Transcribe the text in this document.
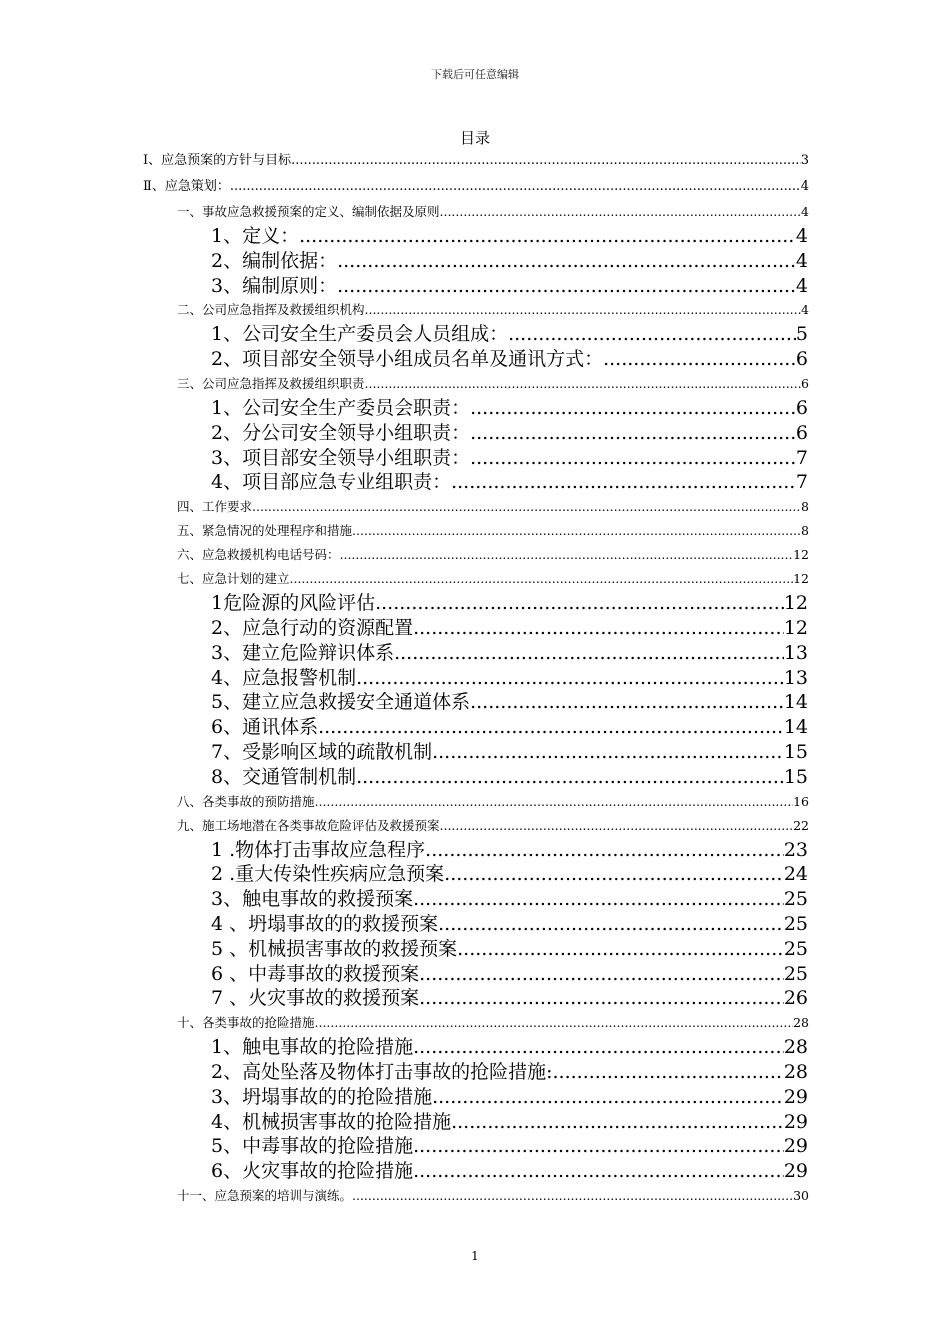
下载后可任意编辑
目录
Ⅰ、应急预案的方针与目标 .....	3
Ⅱ、应急策划： .....	4
一、事故应急救援预案的定义、编制依据及原则 .....	4
1、定义： .....	4
2、编制依据： .....	4
3、编制原则： .....	4
二、公司应急指挥及救援组织机构 .....	4
1、公司安全生产委员会人员组成： .....	5
2、项目部安全领导小组成员名单及通讯方式： .....	6
三、公司应急指挥及救援组织职责 .....	6
1、公司安全生产委员会职责： .....	6
2、分公司安全领导小组职责： .....	6
3、项目部安全领导小组职责： .....	7
4、项目部应急专业组职责： .....	7
四、工作要求 .....	8
五、紧急情况的处理程序和措施 .....	8
六、应急救援机构电话号码： .....	12
七、应急计划的建立 .....	12
1危险源的风险评估 .....	12
2、应急行动的资源配置 .....	12
3、建立危险辩识体系 .....	13
4、应急报警机制 .....	13
5、建立应急救援安全通道体系 .....	14
6、通讯体系 .....	14
7、受影响区域的疏散机制 .....	15
8、交通管制机制 .....	15
八、各类事故的预防措施 .....	16
九、施工场地潜在各类事故危险评估及救援预案 .....	22
1 .物体打击事故应急程序 .....	23
2 .重大传染性疾病应急预案 .....	24
3、触电事故的救援预案 .....	25
4 、坍塌事故的的救援预案 .....	25
5 、机械损害事故的救援预案 .....	25
6 、中毒事故的救援预案 .....	25
7 、火灾事故的救援预案 .....	26
十、各类事故的抢险措施 .....	28
1、触电事故的抢险措施 .....	28
2、高处坠落及物体打击事故的抢险措施: .....	28
3、坍塌事故的的抢险措施 .....	29
4、机械损害事故的抢险措施 .....	29
5、中毒事故的抢险措施 .....	29
6、火灾事故的抢险措施 .....	29
十一、应急预案的培训与演练。 .....	30
1
